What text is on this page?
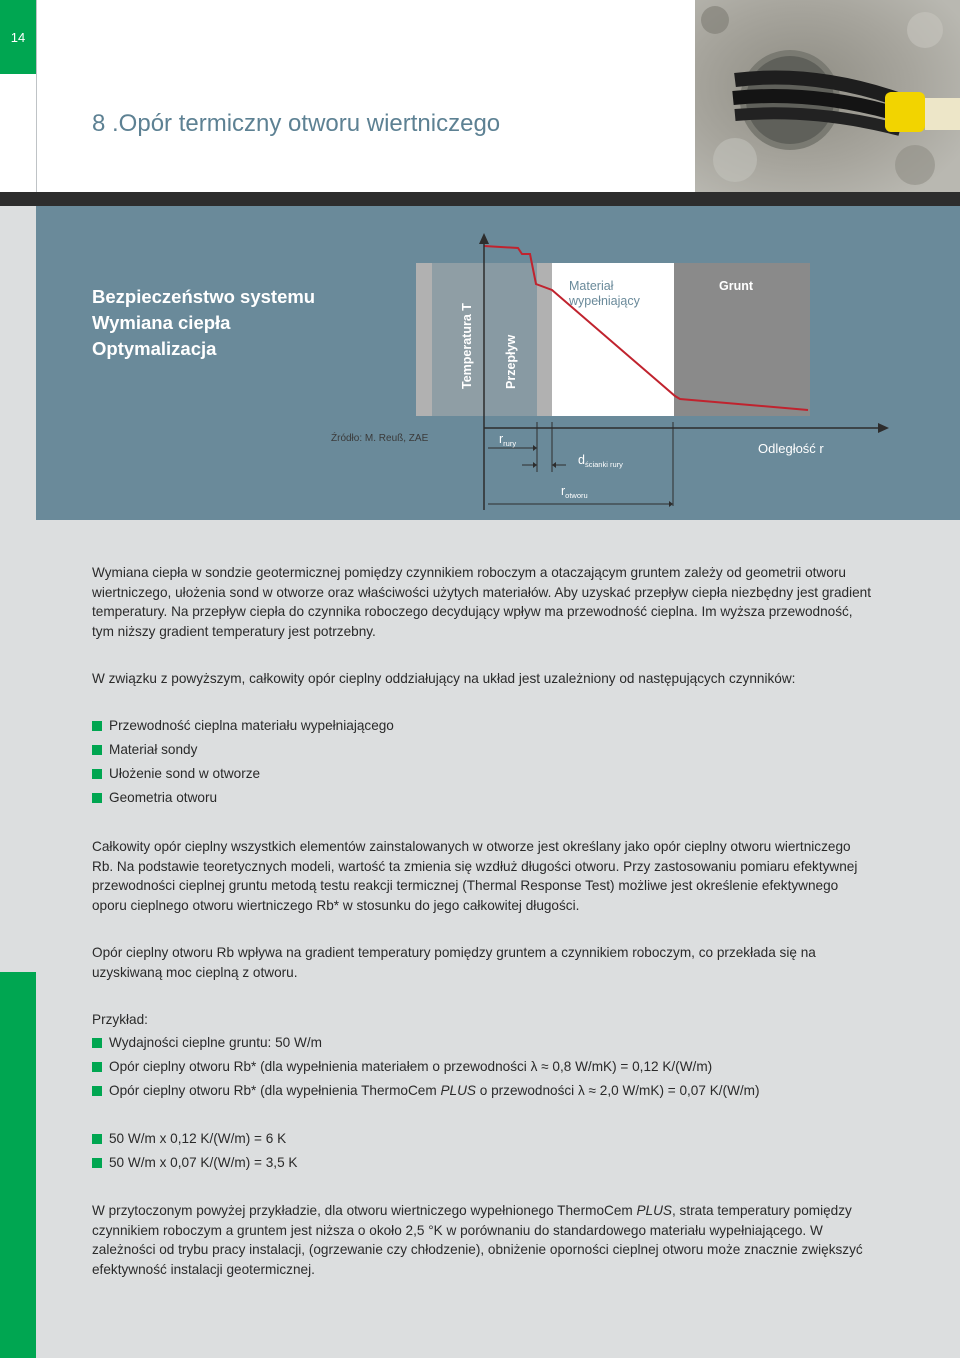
14
8 .Opór termiczny otworu wiertniczego
Temperatura T Przepływ
Materiał
wypełniający
Grunt
Źródło: M. Reuß, ZAE	rrury
dścianki rury
rotworu
Odległość r
Bezpieczeństwo systemu
Wymiana ciepła
Optymalizacja

Wymiana ciepła w sondzie geotermicznej pomiędzy czynnikiem roboczym a otaczającym gruntem zależy od geometrii otworu wiertniczego, ułożenia sond w otworze oraz właściwości użytych materiałów. Aby uzyskać przepływ ciepła niezbędny jest gradient temperatury. Na przepływ ciepła do czynnika roboczego decydujący wpływ ma przewodność cieplna. Im wyższa przewodność, tym niższy gradient temperatury jest potrzebny.

W związku z powyższym, całkowity opór cieplny oddziałujący na układ jest uzależniony od następujących czynników:

Przewodność cieplna materiału wypełniającego
Materiał sondy
Ułożenie sond w otworze
Geometria otworu

Całkowity opór cieplny wszystkich elementów zainstalowanych w otworze jest określany jako opór cieplny otworu wiertniczego Rb. Na podstawie teoretycznych modeli, wartość ta zmienia się wzdłuż długości otworu. Przy zastosowaniu pomiaru efektywnej przewodności cieplnej gruntu metodą testu reakcji termicznej (Thermal Response Test) możliwe jest określenie efektywnego oporu cieplnego otworu wiertniczego Rb* w stosunku do jego całkowitej długości.

Opór cieplny otworu Rb wpływa na gradient temperatury pomiędzy gruntem a czynnikiem roboczym, co przekłada się na uzyskiwaną moc cieplną z otworu.

Przykład:

Wydajności cieplne gruntu: 50 W/m
Opór cieplny otworu Rb* (dla wypełnienia materiałem o przewodności λ ≈ 0,8 W/mK) = 0,12 K/(W/m)
Opór cieplny otworu Rb* (dla wypełnienia ThermoCem PLUS o przewodności λ ≈ 2,0 W/mK) = 0,07 K/(W/m)
50 W/m x 0,12 K/(W/m) = 6 K
50 W/m x 0,07 K/(W/m) = 3,5 K

W przytoczonym powyżej przykładzie, dla otworu wiertniczego wypełnionego ThermoCem PLUS, strata temperatury pomiędzy czynnikiem roboczym a gruntem jest niższa o około 2,5 °K w porównaniu do standardowego materiału wypełniającego. W zależności od trybu pracy instalacji, (ogrzewanie czy chłodzenie), obniżenie oporności cieplnej otworu może znacznie zwiększyć efektywność instalacji geotermicznej.
